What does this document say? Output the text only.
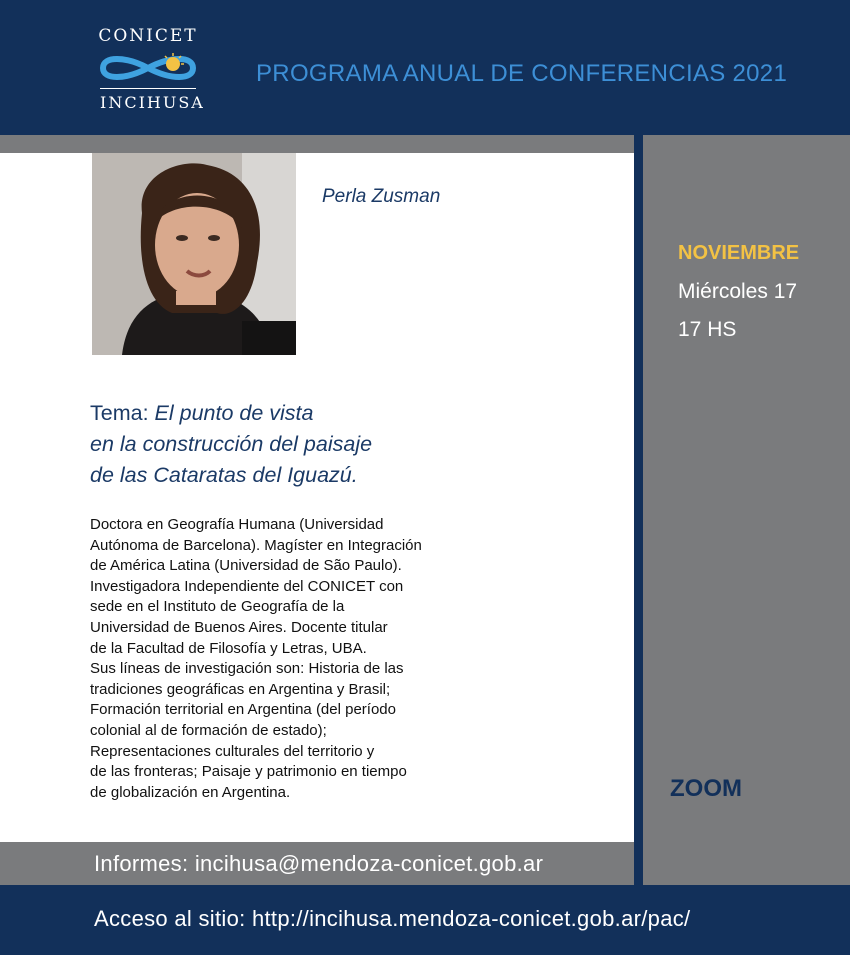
CONICET
INCIHUSA
PROGRAMA ANUAL DE CONFERENCIAS 2021
Perla Zusman
Tema: El punto de vista
en la construcción del paisaje
de las Cataratas del Iguazú.
Doctora en Geografía Humana (Universidad
Autónoma de Barcelona). Magíster en Integración
de América Latina (Universidad de São Paulo).
Investigadora Independiente del CONICET con
sede en el Instituto de Geografía de la
Universidad de Buenos Aires. Docente titular
de la Facultad de Filosofía y Letras, UBA.
Sus líneas de investigación son: Historia de las
tradiciones geográficas en Argentina y Brasil;
Formación territorial en Argentina (del período
colonial al de formación de estado);
Representaciones culturales del territorio y
de las fronteras; Paisaje y patrimonio en tiempo
de globalización en Argentina.
Informes: incihusa@mendoza-conicet.gob.ar
NOVIEMBRE
Miércoles 17
17 HS
ZOOM
Acceso al sitio: http://incihusa.mendoza-conicet.gob.ar/pac/
